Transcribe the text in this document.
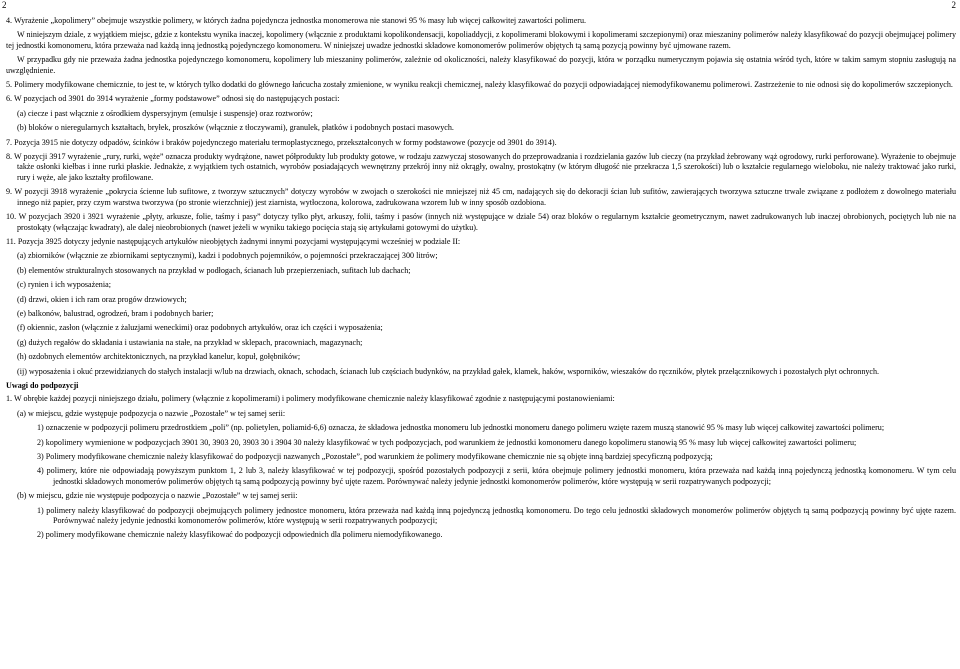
2	2

4. Wyrażenie „kopolimery” obejmuje wszystkie polimery, w których żadna pojedyncza jednostka monomerowa nie stanowi 95 % masy lub więcej całkowitej zawartości polimeru.

W niniejszym dziale, z wyjątkiem miejsc, gdzie z kontekstu wynika inaczej, kopolimery (włącznie z produktami kopolikondensacji, kopoliaddycji, z kopolimerami blokowymi i kopolimerami szczepionymi) oraz mieszaniny polimerów należy klasyfikować do pozycji obejmującej polimery tej jednostki komonomeru, która przeważa nad każdą inną jednostką pojedynczego komonomeru. W niniejszej uwadze jednostki składowe komonomerów polimerów objętych tą samą pozycją powinny być ujmowane razem.

W przypadku gdy nie przeważa żadna jednostka pojedynczego komonomeru, kopolimery lub mieszaniny polimerów, zależnie od okoliczności, należy klasyfikować do pozycji, która w porządku numerycznym pojawia się ostatnia wśród tych, które w takim samym stopniu zasługują na uwzględnienie.

5. Polimery modyfikowane chemicznie, to jest te, w których tylko dodatki do głównego łańcucha zostały zmienione, w wyniku reakcji chemicznej, należy klasyfikować do pozycji odpowiadającej niemodyfikowanemu polimerowi. Zastrzeżenie to nie odnosi się do kopolimerów szczepionych.

6. W pozycjach od 3901 do 3914 wyrażenie „formy podstawowe” odnosi się do następujących postaci:

(a) ciecze i past włącznie z ośrodkiem dyspersyjnym (emulsje i suspensje) oraz roztworów;

(b) bloków o nieregularnych kształtach, bryłek, proszków (włącznie z tłoczywami), granulek, płatków i podobnych postaci masowych.

7. Pozycja 3915 nie dotyczy odpadów, ścinków i braków pojedynczego materiału termoplastycznego, przekształconych w formy podstawowe (pozycje od 3901 do 3914).

8. W pozycji 3917 wyrażenie „rury, rurki, węże” oznacza produkty wydrążone, nawet półprodukty lub produkty gotowe, w rodzaju zazwyczaj stosowanych do przeprowadzania i rozdzielania gazów lub cieczy (na przykład żebrowany wąż ogrodowy, rurki perforowane). Wyrażenie to obejmuje także osłonki kiełbas i inne rurki płaskie. Jednakże, z wyjątkiem tych ostatnich, wyrobów posiadających wewnętrzny przekrój inny niż okrągły, owalny, prostokątny (w którym długość nie przekracza 1,5 szerokości) lub o kształcie regularnego wieloboku, nie należy traktować jako rurki, rury i węże, ale jako kształty profilowane.

9. W pozycji 3918 wyrażenie „pokrycia ścienne lub sufitowe, z tworzyw sztucznych” dotyczy wyrobów w zwojach o szerokości nie mniejszej niż 45 cm, nadających się do dekoracji ścian lub sufitów, zawierających tworzywa sztuczne trwale związane z podłożem z dowolnego materiału innego niż papier, przy czym warstwa tworzywa (po stronie wierzchniej) jest ziarnista, wytłoczona, kolorowa, zadrukowana wzorem lub w inny sposób ozdobiona.

10. W pozycjach 3920 i 3921 wyrażenie „płyty, arkusze, folie, taśmy i pasy” dotyczy tylko płyt, arkuszy, folii, taśmy i pasów (innych niż występujące w dziale 54) oraz bloków o regularnym kształcie geometrycznym, nawet zadrukowanych lub inaczej obrobionych, pociętych lub nie na prostokąty (włączając kwadraty), ale dalej nieobrobionych (nawet jeżeli w wyniku takiego pocięcia stają się artykułami gotowymi do użytku).

11. Pozycja 3925 dotyczy jedynie następujących artykułów nieobjętych żadnymi innymi pozycjami występującymi wcześniej w podziale II:

(a) zbiorników (włącznie ze zbiornikami septycznymi), kadzi i podobnych pojemników, o pojemności przekraczającej 300 litrów;

(b) elementów strukturalnych stosowanych na przykład w podłogach, ścianach lub przepierzeniach, sufitach lub dachach;

(c) rynien i ich wyposażenia;

(d) drzwi, okien i ich ram oraz progów drzwiowych;

(e) balkonów, balustrad, ogrodzeń, bram i podobnych barier;

(f) okiennic, zasłon (włącznie z żaluzjami weneckimi) oraz podobnych artykułów, oraz ich części i wyposażenia;

(g) dużych regałów do składania i ustawiania na stałe, na przykład w sklepach, pracowniach, magazynach;

(h) ozdobnych elementów architektonicznych, na przykład kanelur, kopuł, gołębników;

(ij) wyposażenia i okuć przewidzianych do stałych instalacji w/lub na drzwiach, oknach, schodach, ścianach lub częściach budynków, na przykład gałek, klamek, haków, wsporników, wieszaków do ręczników, płytek przełącznikowych i pozostałych płyt ochronnych.

Uwagi do podpozycji

1. W obrębie każdej pozycji niniejszego działu, polimery (włącznie z kopolimerami) i polimery modyfikowane chemicznie należy klasyfikować zgodnie z następującymi postanowieniami:

(a) w miejscu, gdzie występuje podpozycja o nazwie „Pozostałe” w tej samej serii:

1) oznaczenie w podpozycji polimeru przedrostkiem „poli” (np. polietylen, poliamid-6,6) oznacza, że składowa jednostka monomeru lub jednostki monomeru danego polimeru wzięte razem muszą stanowić 95 % masy lub więcej całkowitej zawartości polimeru;

2) kopolimery wymienione w podpozycjach 3901 30, 3903 20, 3903 30 i 3904 30 należy klasyfikować w tych podpozycjach, pod warunkiem że jednostki komonomeru danego kopolimeru stanowią 95 % masy lub więcej całkowitej zawartości polimeru;

3) Polimery modyfikowane chemicznie należy klasyfikować do podpozycji nazwanych „Pozostałe”, pod warunkiem że polimery modyfikowane chemicznie nie są objęte inną bardziej specyficzną podpozycją;

4) polimery, które nie odpowiadają powyższym punktom 1, 2 lub 3, należy klasyfikować w tej podpozycji, spośród pozostałych podpozycji z serii, która obejmuje polimery jednostki monomeru, która przeważa nad każdą inną pojedynczą jednostką komonomeru. W tym celu jednostki składowych monomerów polimerów objętych tą samą podpozycją powinny być ujęte razem. Porównywać należy jedynie jednostki komonomerów polimerów, które występują w serii rozpatrywanych podpozycji;

(b) w miejscu, gdzie nie występuje podpozycja o nazwie „Pozostałe” w tej samej serii:

1) polimery należy klasyfikować do podpozycji obejmujących polimery jednostce monomeru, która przeważa nad każdą inną pojedynczą jednostką komonomeru. Do tego celu jednostki składowych monomerów polimerów objętych tą samą podpozycją powinny być ujęte razem. Porównywać należy jedynie jednostki komonomerów polimerów, które występują w serii rozpatrywanych podpozycji;

2) polimery modyfikowane chemicznie należy klasyfikować do podpozycji odpowiednich dla polimeru niemodyfikowanego.
